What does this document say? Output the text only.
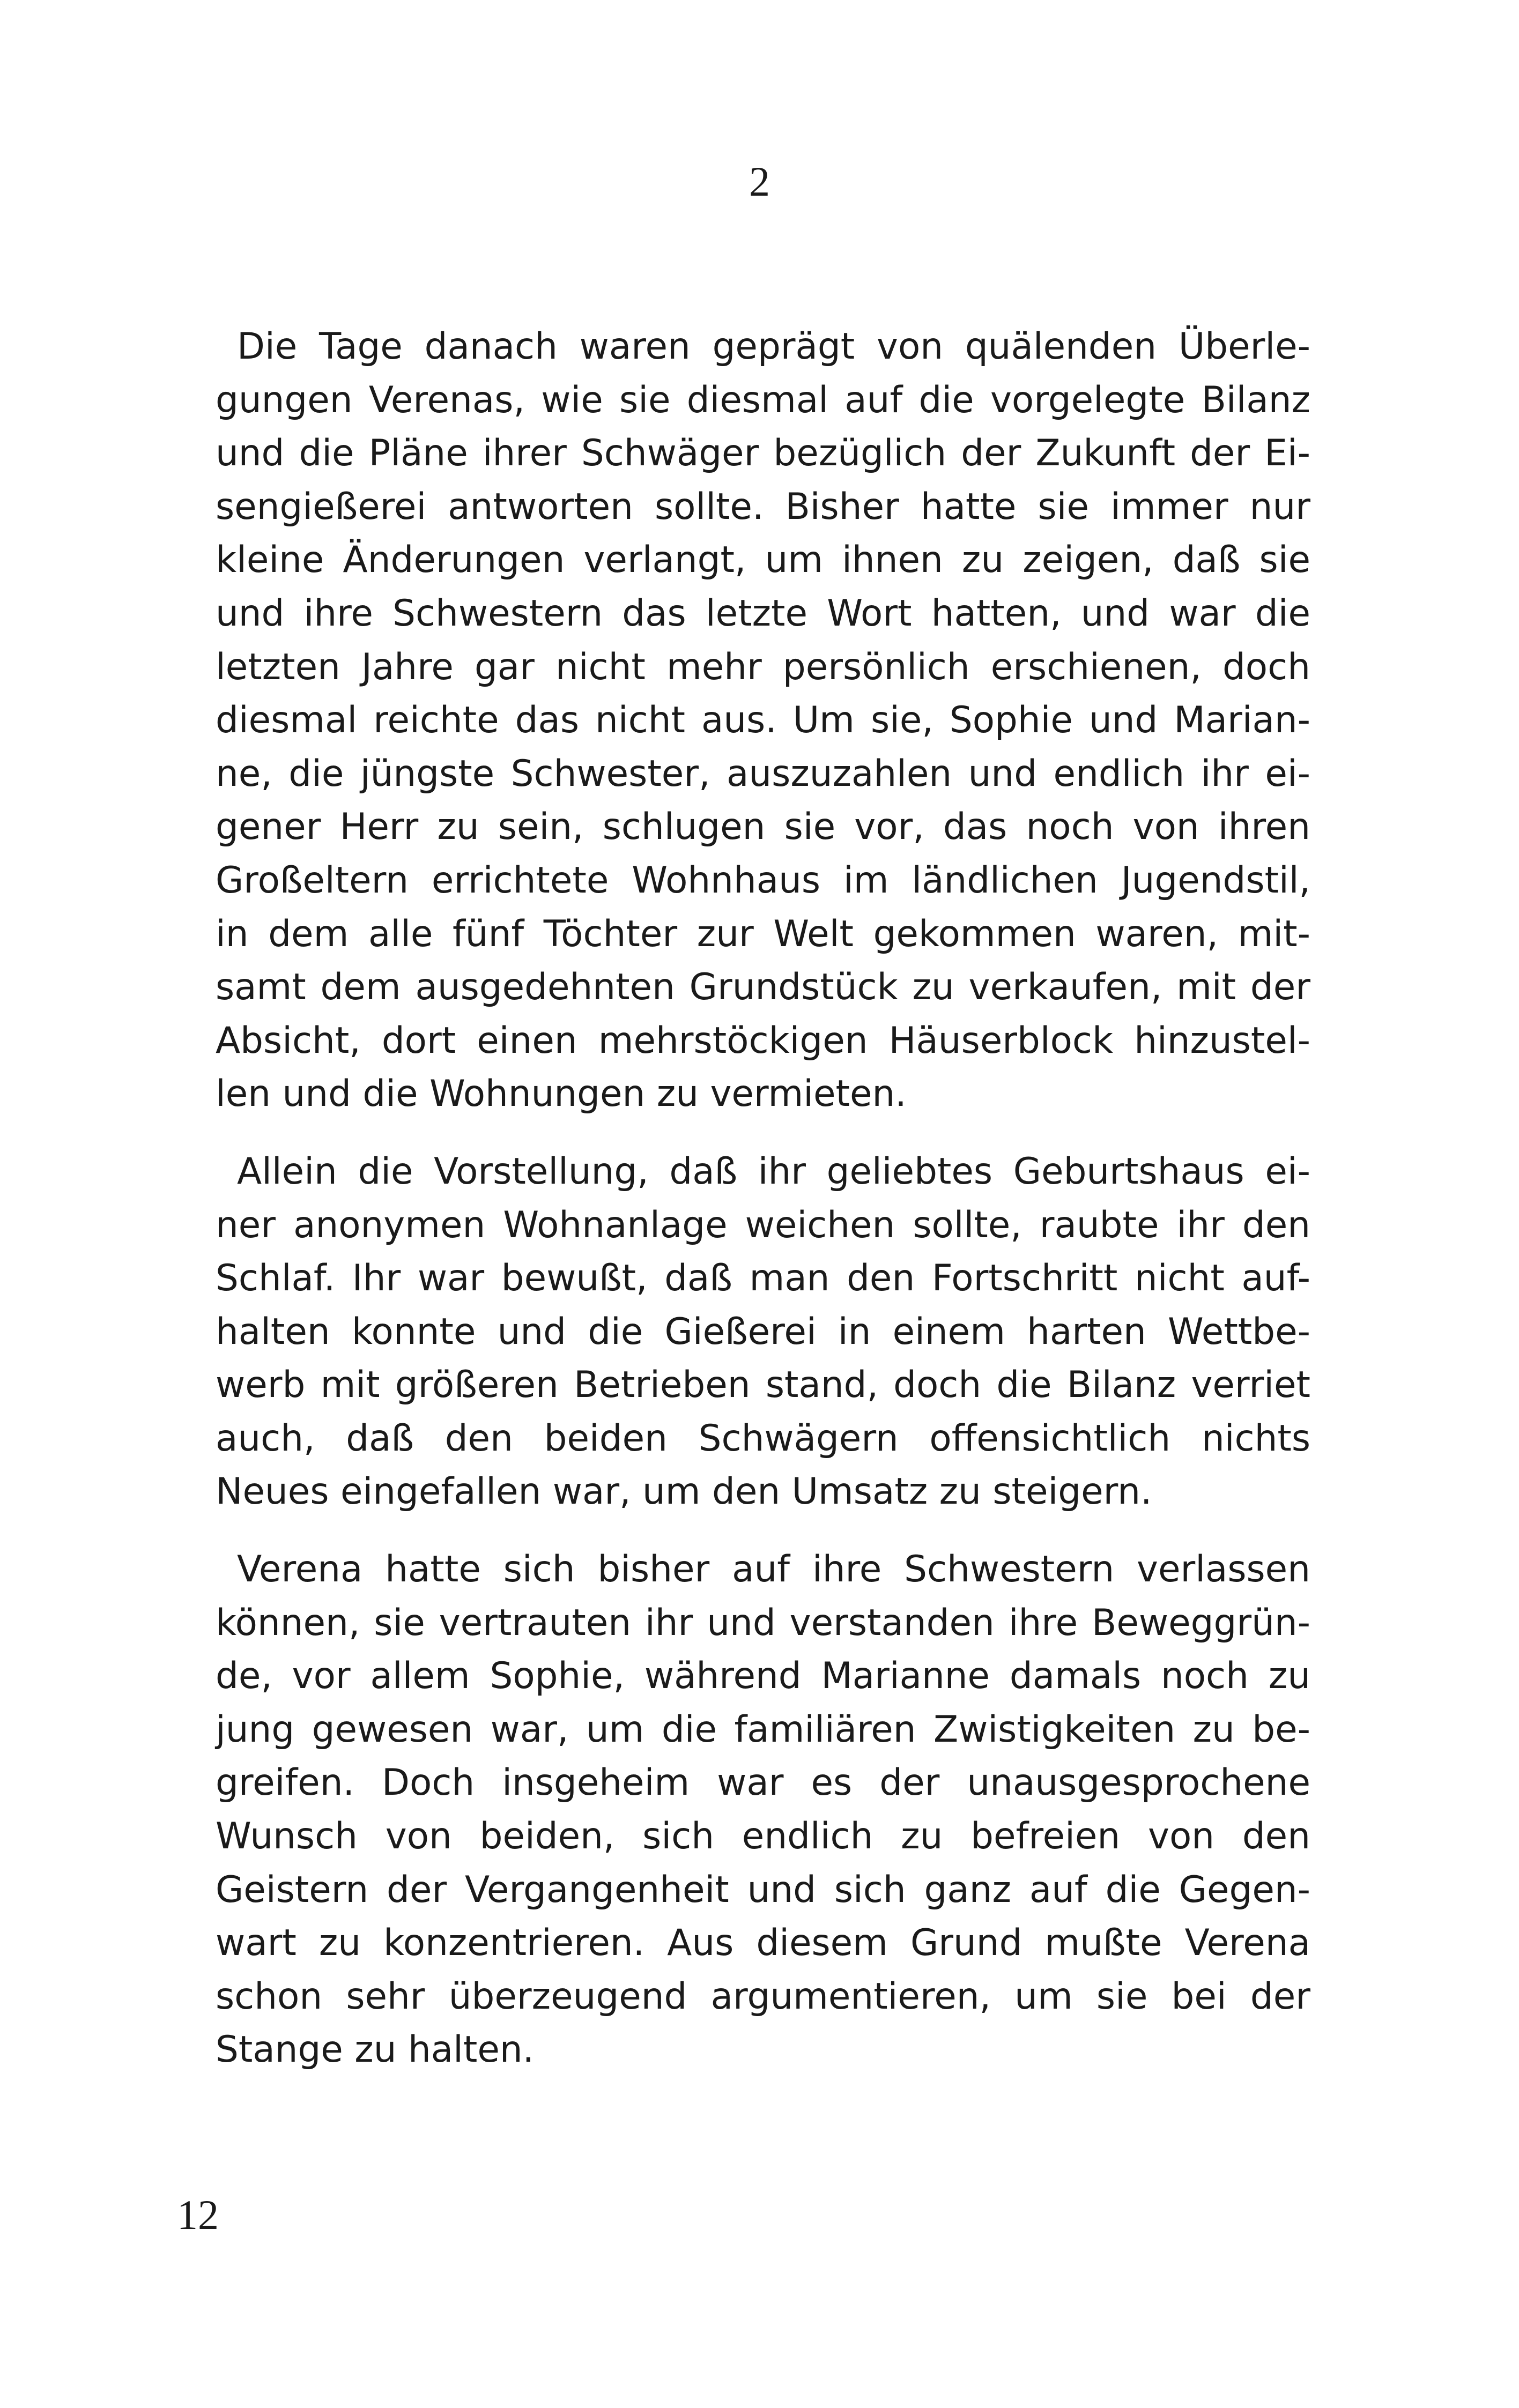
2
Die Tage danach waren geprägt von quälenden Überle-
gungen Verenas, wie sie diesmal auf die vorgelegte Bilanz
und die Pläne ihrer Schwäger bezüglich der Zukunft der Ei-
sengießerei antworten sollte. Bisher hatte sie immer nur
kleine Änderungen verlangt, um ihnen zu zeigen, daß sie
und ihre Schwestern das letzte Wort hatten, und war die
letzten Jahre gar nicht mehr persönlich erschienen, doch
diesmal reichte das nicht aus. Um sie, Sophie und Marian-
ne, die jüngste Schwester, auszuzahlen und endlich ihr ei-
gener Herr zu sein, schlugen sie vor, das noch von ihren
Großeltern errichtete Wohnhaus im ländlichen Jugendstil,
in dem alle fünf Töchter zur Welt gekommen waren, mit-
samt dem ausgedehnten Grundstück zu verkaufen, mit der
Absicht, dort einen mehrstöckigen Häuserblock hinzustel-
len und die Wohnungen zu vermieten.
Allein die Vorstellung, daß ihr geliebtes Geburtshaus ei-
ner anonymen Wohnanlage weichen sollte, raubte ihr den
Schlaf. Ihr war bewußt, daß man den Fortschritt nicht auf-
halten konnte und die Gießerei in einem harten Wettbe-
werb mit größeren Betrieben stand, doch die Bilanz verriet
auch, daß den beiden Schwägern offensichtlich nichts
Neues eingefallen war, um den Umsatz zu steigern.
Verena hatte sich bisher auf ihre Schwestern verlassen
können, sie vertrauten ihr und verstanden ihre Beweggrün-
de, vor allem Sophie, während Marianne damals noch zu
jung gewesen war, um die familiären Zwistigkeiten zu be-
greifen. Doch insgeheim war es der unausgesprochene
Wunsch von beiden, sich endlich zu befreien von den
Geistern der Vergangenheit und sich ganz auf die Gegen-
wart zu konzentrieren. Aus diesem Grund mußte Verena
schon sehr überzeugend argumentieren, um sie bei der
Stange zu halten.
12
